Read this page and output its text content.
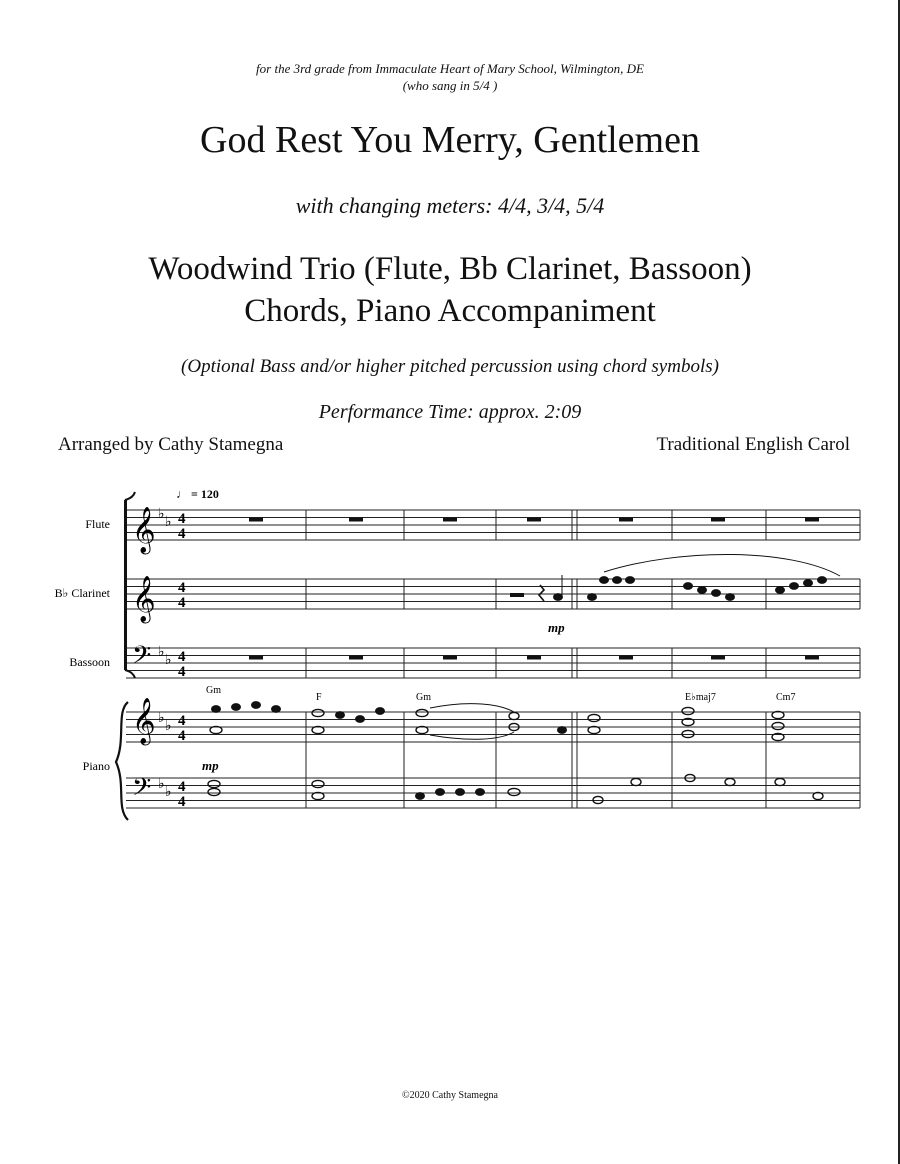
for the 3rd grade from Immaculate Heart of Mary School, Wilmington, DE
(who sang in 5/4 )
God Rest You Merry, Gentlemen
with changing meters: 4/4, 3/4, 5/4
Woodwind Trio (Flute, Bb Clarinet, Bassoon)
Chords, Piano Accompaniment
(Optional Bass and/or higher pitched percussion using chord symbols)
Performance Time: approx. 2:09
Arranged by Cathy Stamegna	Traditional English Carol
♩ = 120
Flute
B♭ Clarinet
Bassoon
Piano
𝄞
𝄞
𝄢
𝄞
𝄢
♭ ♭
♭ ♭
♭ ♭
♭ ♭
4
4
4
4
4
4
4
4
4
4
mp
Gm
F	Gm	E♭maj7	Cm7
mp
©2020 Cathy Stamegna
